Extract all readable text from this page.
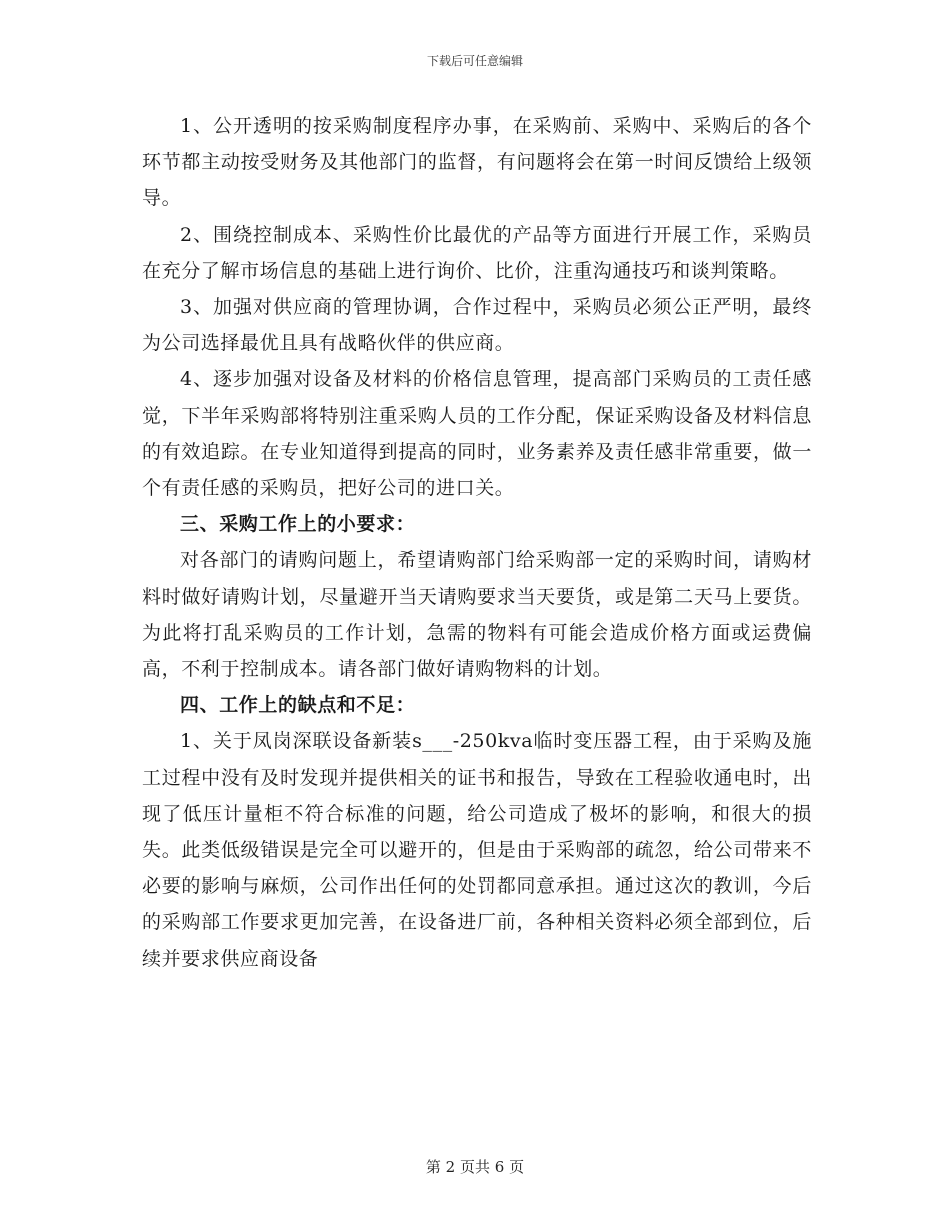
下载后可任意编辑

1、公开透明的按采购制度程序办事，在采购前、采购中、采购后的各个环节都主动按受财务及其他部门的监督，有问题将会在第一时间反馈给上级领导。

2、围绕控制成本、采购性价比最优的产品等方面进行开展工作，采购员在充分了解市场信息的基础上进行询价、比价，注重沟通技巧和谈判策略。

3、加强对供应商的管理协调，合作过程中，采购员必须公正严明，最终为公司选择最优且具有战略伙伴的供应商。

4、逐步加强对设备及材料的价格信息管理，提高部门采购员的工责任感觉，下半年采购部将特别注重采购人员的工作分配，保证采购设备及材料信息的有效追踪。在专业知道得到提高的同时，业务素养及责任感非常重要，做一个有责任感的采购员，把好公司的进口关。

三、采购工作上的小要求：

对各部门的请购问题上，希望请购部门给采购部一定的采购时间，请购材料时做好请购计划，尽量避开当天请购要求当天要货，或是第二天马上要货。为此将打乱采购员的工作计划，急需的物料有可能会造成价格方面或运费偏高，不利于控制成本。请各部门做好请购物料的计划。

四、工作上的缺点和不足：

1、关于凤岗深联设备新装s___-250kva临时变压器工程，由于采购及施工过程中没有及时发现并提供相关的证书和报告，导致在工程验收通电时，出现了低压计量柜不符合标准的问题，给公司造成了极坏的影响，和很大的损失。此类低级错误是完全可以避开的，但是由于采购部的疏忽，给公司带来不必要的影响与麻烦，公司作出任何的处罚都同意承担。通过这次的教训，今后的采购部工作要求更加完善，在设备进厂前，各种相关资料必须全部到位，后续并要求供应商设备

第 2 页共 6 页
